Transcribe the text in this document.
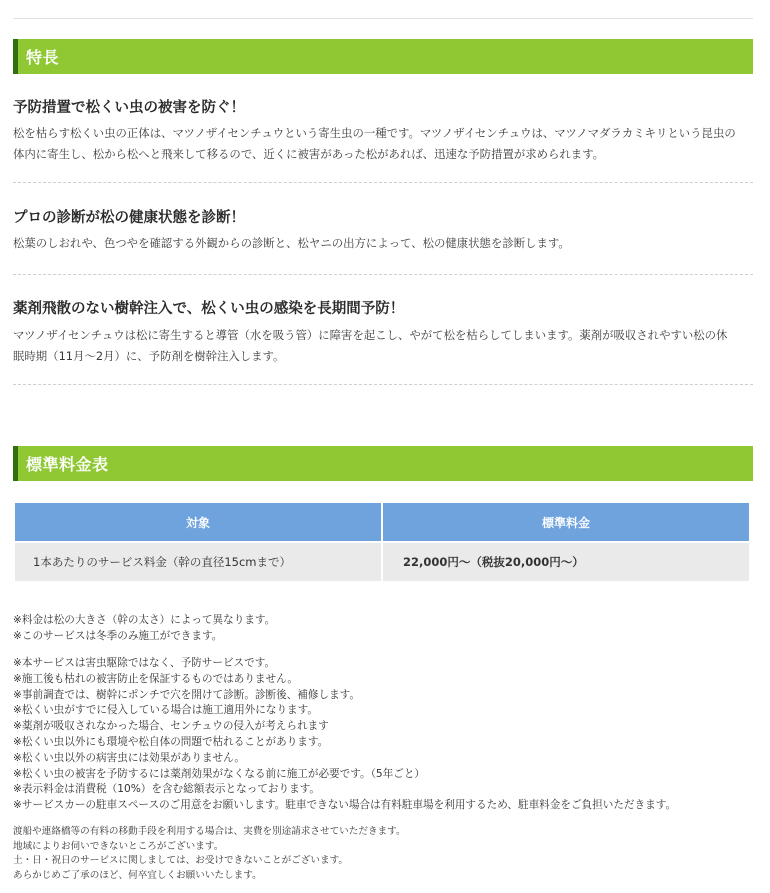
特長
予防措置で松くい虫の被害を防ぐ！
松を枯らす松くい虫の正体は、マツノザイセンチュウという寄生虫の一種です。マツノザイセンチュウは、マツノマダラカミキリという昆虫の
体内に寄生し、松から松へと飛来して移るので、近くに被害があった松があれば、迅速な予防措置が求められます。
プロの診断が松の健康状態を診断！
松葉のしおれや、色つやを確認する外観からの診断と、松ヤニの出方によって、松の健康状態を診断します。
薬剤飛散のない樹幹注入で、松くい虫の感染を長期間予防！
マツノザイセンチュウは松に寄生すると導管（水を吸う管）に障害を起こし、やがて松を枯らしてしまいます。薬剤が吸収されやすい松の休
眠時期（11月～2月）に、予防剤を樹幹注入します。
標準料金表
対象	標準料金
1本あたりのサービス料金（幹の直径15cmまで）	22,000円～（税抜20,000円～）
※料金は松の大きさ（幹の太さ）によって異なります。
※このサービスは冬季のみ施工ができます。
※本サービスは害虫駆除ではなく、予防サービスです。
※施工後も枯れの被害防止を保証するものではありません。
※事前調査では、樹幹にポンチで穴を開けて診断。診断後、補修します。
※松くい虫がすでに侵入している場合は施工適用外になります。
※薬剤が吸収されなかった場合、センチュウの侵入が考えられます
※松くい虫以外にも環境や松自体の問題で枯れることがあります。
※松くい虫以外の病害虫には効果がありません。
※松くい虫の被害を予防するには薬剤効果がなくなる前に施工が必要です。（5年ごと）
※表示料金は消費税（10%）を含む総額表示となっております。
※サービスカーの駐車スペースのご用意をお願いします。駐車できない場合は有料駐車場を利用するため、駐車料金をご負担いただきます。
渡船や連絡橋等の有料の移動手段を利用する場合は、実費を別途請求させていただきます。
地域によりお伺いできないところがございます。
土・日・祝日のサービスに関しましては、お受けできないことがございます。
あらかじめご了承のほど、何卒宜しくお願いいたします。
